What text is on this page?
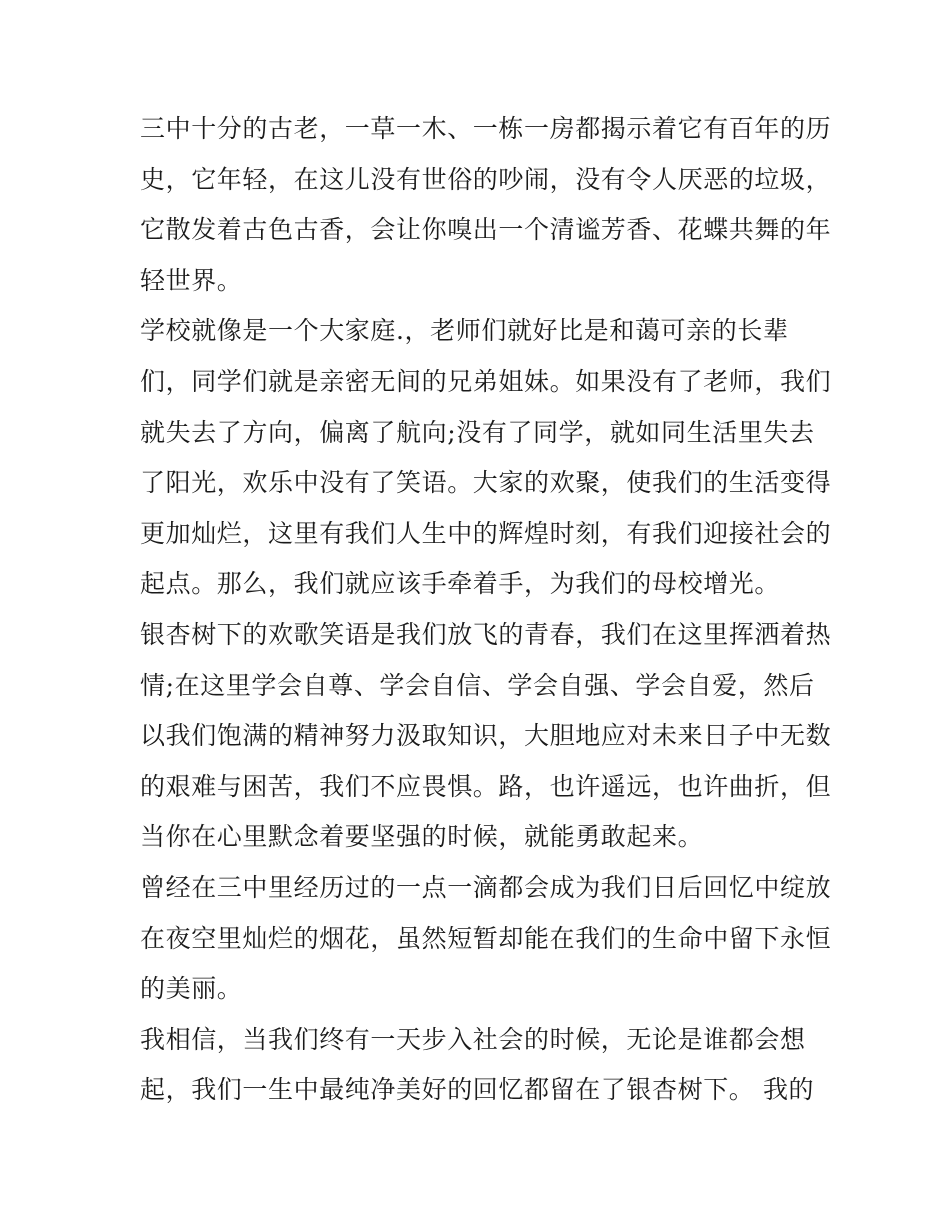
三中十分的古老，一草一木、一栋一房都揭示着它有百年的历
史，它年轻，在这儿没有世俗的吵闹，没有令人厌恶的垃圾，
它散发着古色古香，会让你嗅出一个清谧芳香、花蝶共舞的年
轻世界。
学校就像是一个大家庭.，老师们就好比是和蔼可亲的长辈
们，同学们就是亲密无间的兄弟姐妹。如果没有了老师，我们
就失去了方向，偏离了航向;没有了同学，就如同生活里失去
了阳光，欢乐中没有了笑语。大家的欢聚，使我们的生活变得
更加灿烂，这里有我们人生中的辉煌时刻，有我们迎接社会的
起点。那么，我们就应该手牵着手，为我们的母校增光。
银杏树下的欢歌笑语是我们放飞的青春，我们在这里挥洒着热
情;在这里学会自尊、学会自信、学会自强、学会自爱，然后
以我们饱满的精神努力汲取知识，大胆地应对未来日子中无数
的艰难与困苦，我们不应畏惧。路，也许遥远，也许曲折，但
当你在心里默念着要坚强的时候，就能勇敢起来。
曾经在三中里经历过的一点一滴都会成为我们日后回忆中绽放
在夜空里灿烂的烟花，虽然短暂却能在我们的生命中留下永恒
的美丽。
我相信，当我们终有一天步入社会的时候，无论是谁都会想
起，我们一生中最纯净美好的回忆都留在了银杏树下。 我的
